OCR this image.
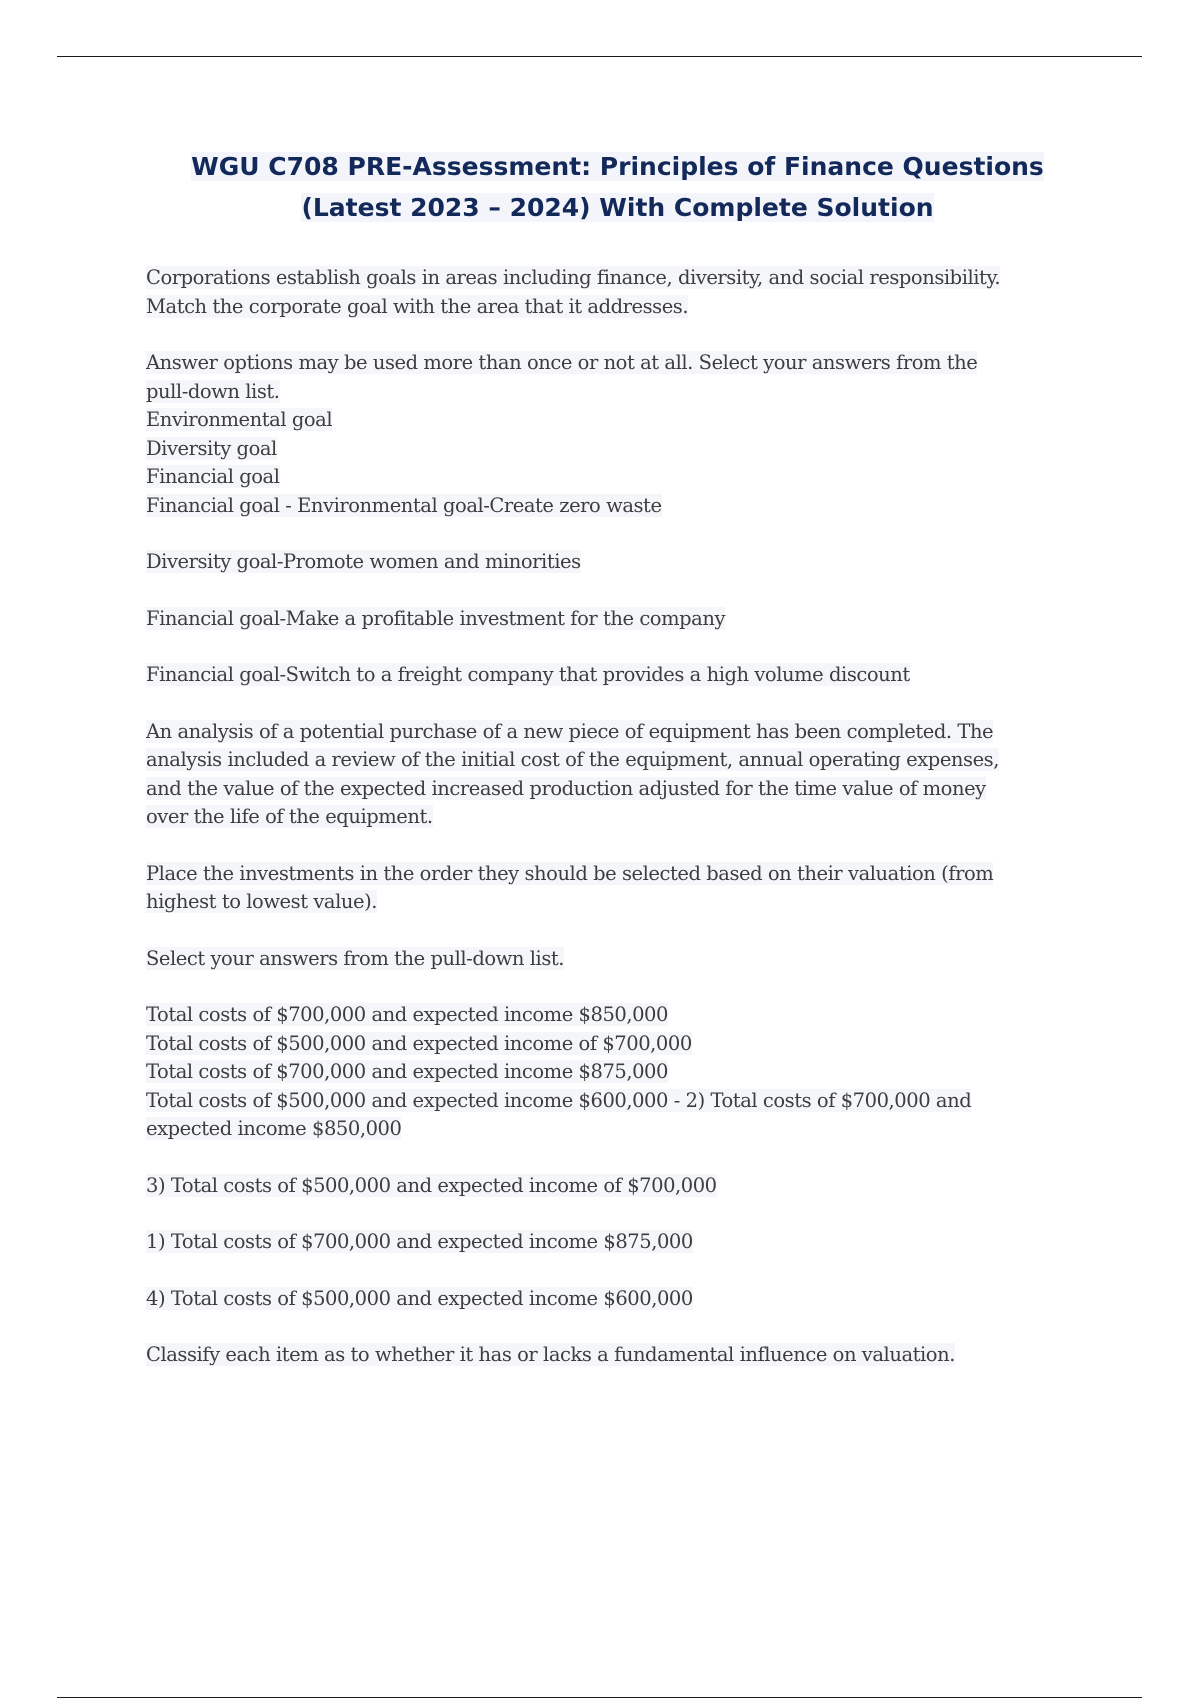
WGU C708 PRE-Assessment: Principles of Finance Questions
(Latest 2023 – 2024) With Complete Solution

Corporations establish goals in areas including finance, diversity, and social responsibility.
Match the corporate goal with the area that it addresses.

Answer options may be used more than once or not at all. Select your answers from the
pull-down list.
Environmental goal
Diversity goal
Financial goal
Financial goal - Environmental goal-Create zero waste

Diversity goal-Promote women and minorities

Financial goal-Make a profitable investment for the company

Financial goal-Switch to a freight company that provides a high volume discount

An analysis of a potential purchase of a new piece of equipment has been completed. The
analysis included a review of the initial cost of the equipment, annual operating expenses,
and the value of the expected increased production adjusted for the time value of money
over the life of the equipment.

Place the investments in the order they should be selected based on their valuation (from
highest to lowest value).

Select your answers from the pull-down list.

Total costs of $700,000 and expected income $850,000
Total costs of $500,000 and expected income of $700,000
Total costs of $700,000 and expected income $875,000
Total costs of $500,000 and expected income $600,000 - 2) Total costs of $700,000 and
expected income $850,000

3) Total costs of $500,000 and expected income of $700,000

1) Total costs of $700,000 and expected income $875,000

4) Total costs of $500,000 and expected income $600,000

Classify each item as to whether it has or lacks a fundamental influence on valuation.
